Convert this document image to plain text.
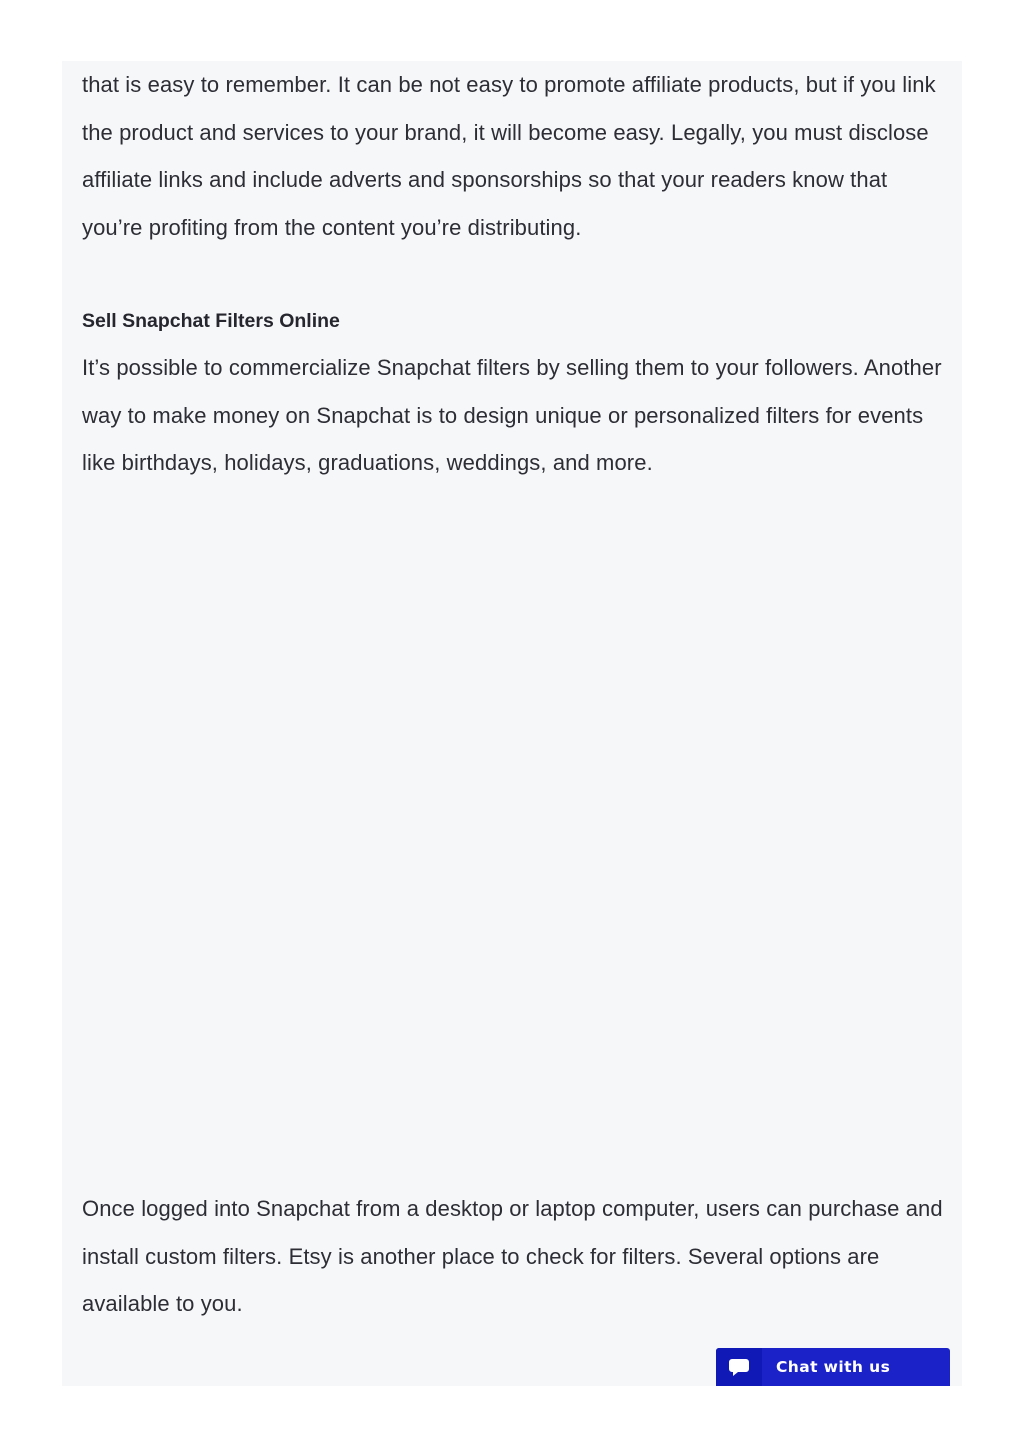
that is easy to remember. It can be not easy to promote affiliate products, but if you link the product and services to your brand, it will become easy. Legally, you must disclose affiliate links and include adverts and sponsorships so that your readers know that you’re profiting from the content you’re distributing.

Sell Snapchat Filters Online

It’s possible to commercialize Snapchat filters by selling them to your followers. Another way to make money on Snapchat is to design unique or personalized filters for events like birthdays, holidays, graduations, weddings, and more.

Once logged into Snapchat from a desktop or laptop computer, users can purchase and install custom filters. Etsy is another place to check for filters. Several options are available to you.

Chat with us
